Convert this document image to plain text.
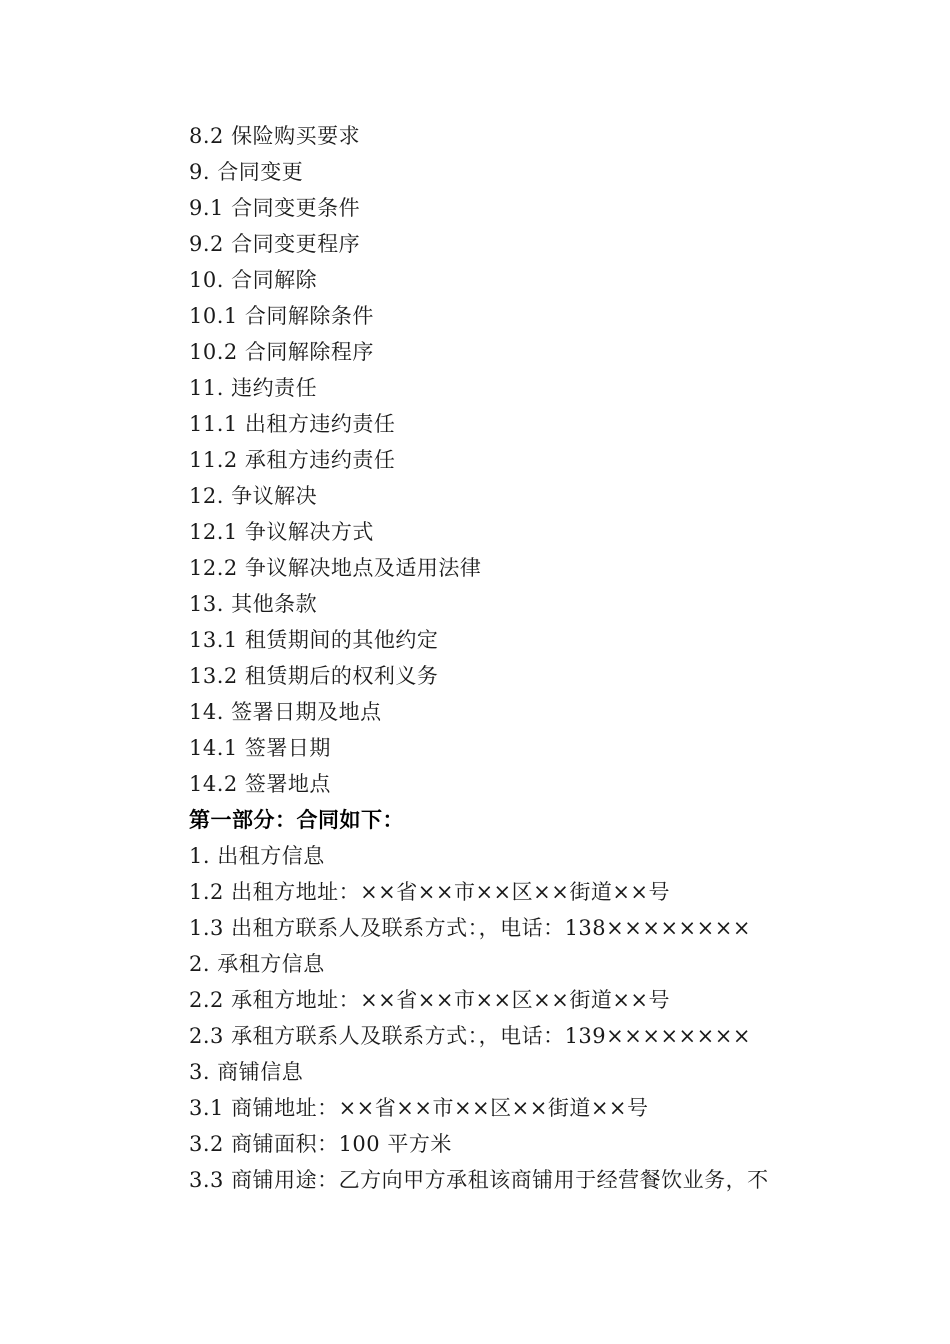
8.2 保险购买要求
9. 合同变更
9.1 合同变更条件
9.2 合同变更程序
10. 合同解除
10.1 合同解除条件
10.2 合同解除程序
11. 违约责任
11.1 出租方违约责任
11.2 承租方违约责任
12. 争议解决
12.1 争议解决方式
12.2 争议解决地点及适用法律
13. 其他条款
13.1 租赁期间的其他约定
13.2 租赁期后的权利义务
14. 签署日期及地点
14.1 签署日期
14.2 签署地点
第一部分：合同如下：
1. 出租方信息
1.2 出租方地址：××省××市××区××街道××号
1.3 出租方联系人及联系方式：，电话：138××××××××
2. 承租方信息
2.2 承租方地址：××省××市××区××街道××号
2.3 承租方联系人及联系方式：，电话：139××××××××
3. 商铺信息
3.1 商铺地址：××省××市××区××街道××号
3.2 商铺面积：100 平方米
3.3 商铺用途：乙方向甲方承租该商铺用于经营餐饮业务，不
